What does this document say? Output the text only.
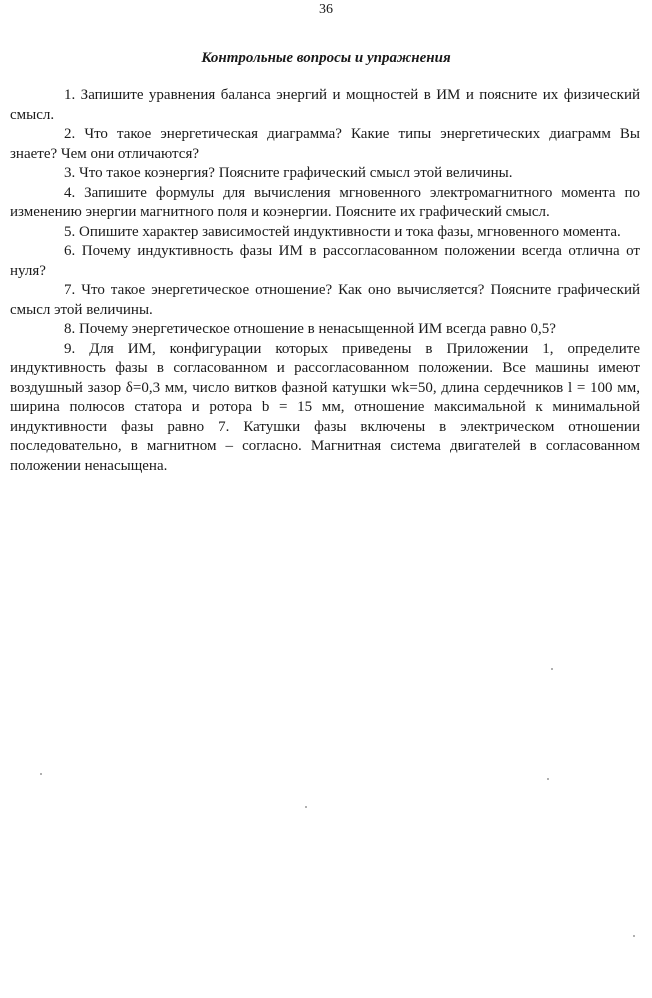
36
Контрольные вопросы и упражнения

1. Запишите уравнения баланса энергий и мощностей в ИМ и поясните их физический смысл.

2. Что такое энергетическая диаграмма? Какие типы энергетических диаграмм Вы знаете? Чем они отличаются?

3. Что такое коэнергия? Поясните графический смысл этой величины.

4. Запишите формулы для вычисления мгновенного электромагнитного момента по изменению энергии магнитного поля и коэнергии. Поясните их графический смысл.

5. Опишите характер зависимостей индуктивности и тока фазы, мгновенного момента.

6. Почему индуктивность фазы ИМ в рассогласованном положении всегда отлична от нуля?

7. Что такое энергетическое отношение? Как оно вычисляется? Поясните графический смысл этой величины.

8. Почему энергетическое отношение в ненасыщенной ИМ всегда равно 0,5?

9. Для ИМ, конфигурации которых приведены в Приложении 1, определите индуктивность фазы в согласованном и рассогласованном положении. Все машины имеют воздушный зазор δ=0,3 мм, число витков фазной катушки wk=50, длина сердечников l = 100 мм, ширина полюсов статора и ротора b = 15 мм, отношение максимальной к минимальной индуктивности фазы равно 7. Катушки фазы включены в электрическом отношении последовательно, в магнитном – согласно. Магнитная система двигателей в согласованном положении ненасыщена.
